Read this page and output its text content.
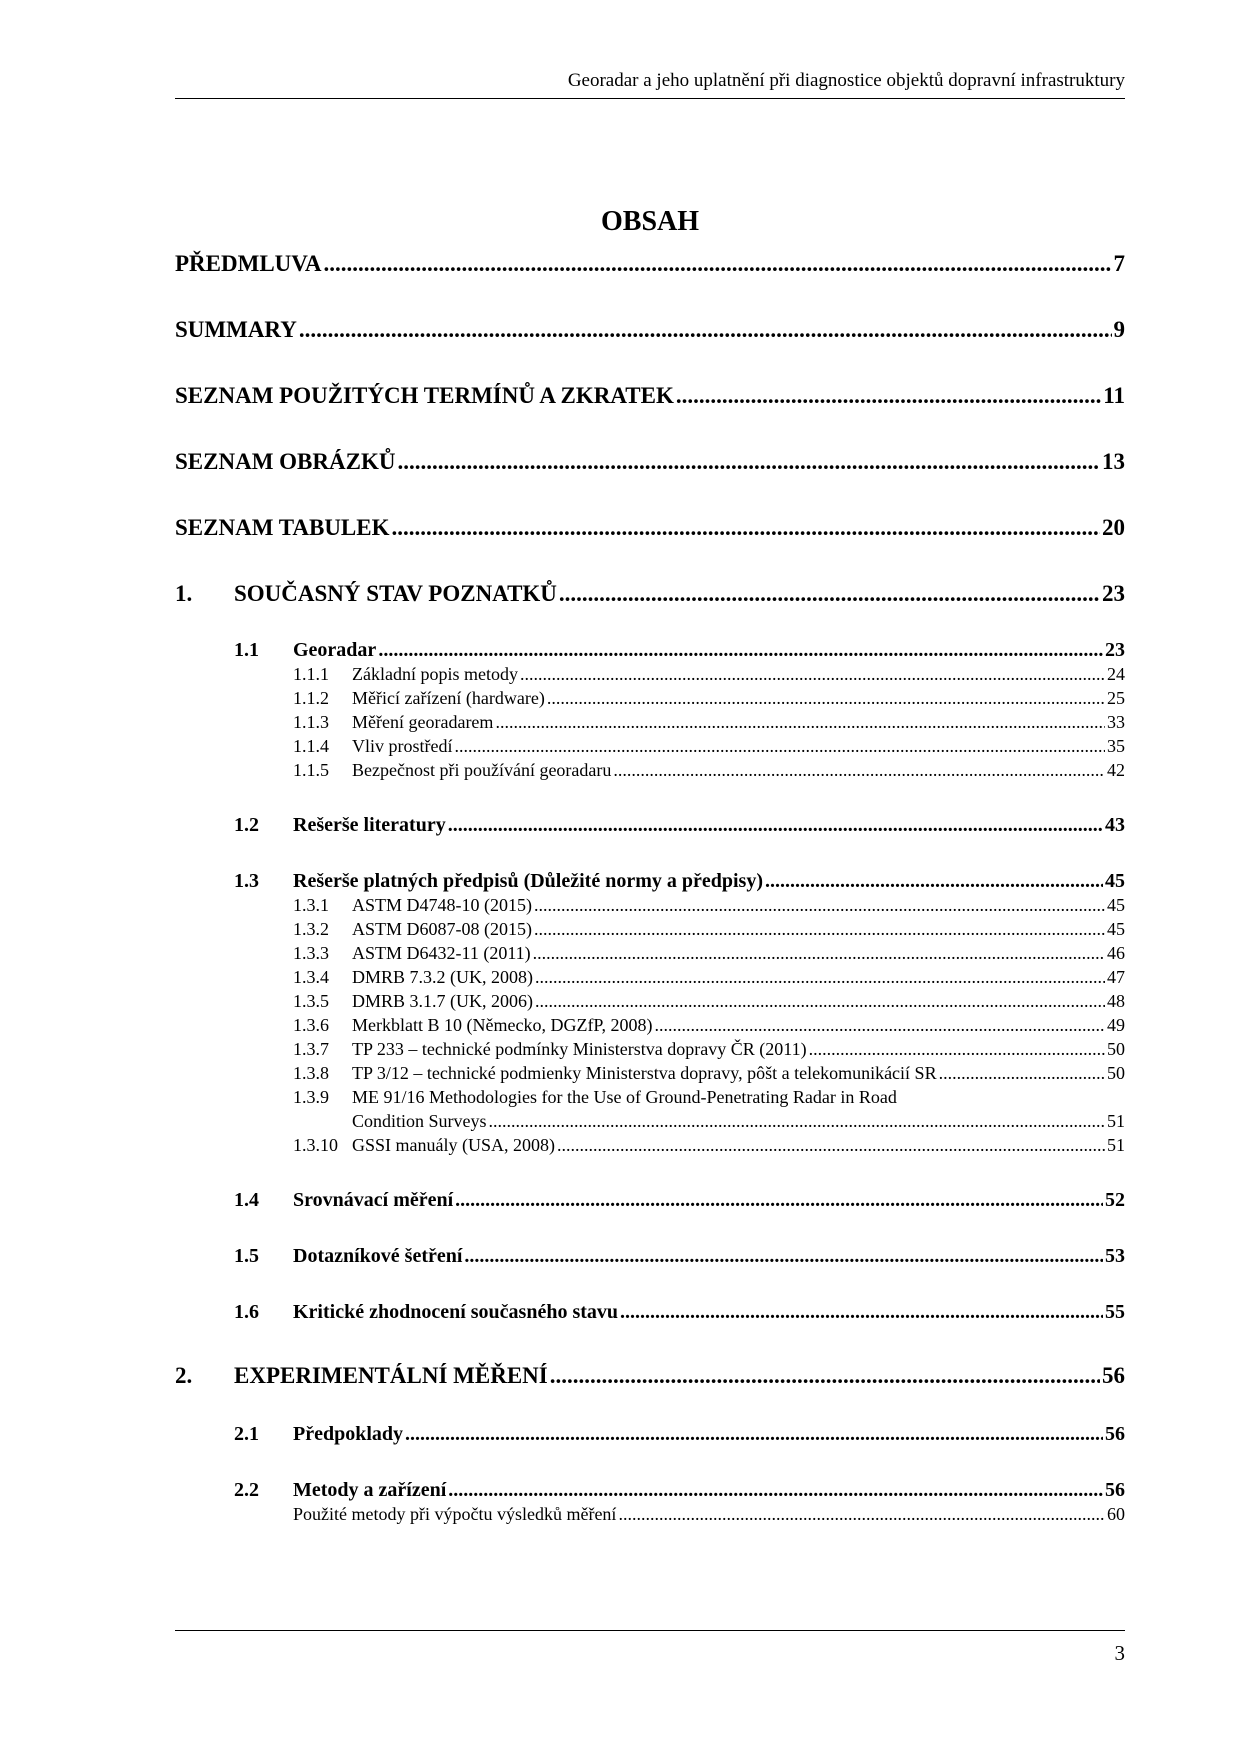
Georadar a jeho uplatnění při diagnostice objektů dopravní infrastruktury
OBSAH
PŘEDMLUVA .....	7
SUMMARY .....	9
SEZNAM POUŽITÝCH TERMÍNŮ A ZKRATEK .....	11
SEZNAM OBRÁZKŮ .....	13
SEZNAM TABULEK .....	20
1.	SOUČASNÝ STAV POZNATKŮ .....	23
1.1	Georadar .....	23
1.1.1	Základní popis metody .....	24
1.1.2	Měřicí zařízení (hardware) .....	25
1.1.3	Měření georadarem .....	33
1.1.4	Vliv prostředí .....	35
1.1.5	Bezpečnost při používání georadaru .....	42
1.2	Rešerše literatury .....	43
1.3	Rešerše platných předpisů (Důležité normy a předpisy) .....	45
1.3.1	ASTM D4748-10 (2015) .....	45
1.3.2	ASTM D6087-08 (2015) .....	45
1.3.3	ASTM D6432-11 (2011) .....	46
1.3.4	DMRB 7.3.2 (UK, 2008) .....	47
1.3.5	DMRB 3.1.7 (UK, 2006) .....	48
1.3.6	Merkblatt B 10 (Německo, DGZfP, 2008) .....	49
1.3.7	TP 233 – technické podmínky Ministerstva dopravy ČR (2011) .....	50
1.3.8	TP 3/12 – technické podmienky Ministerstva dopravy, pôšt a telekomunikácií SR .....	50
1.3.9	ME 91/16 Methodologies for the Use of Ground-Penetrating Radar in Road
Condition Surveys .....	51
1.3.10 GSSI manuály (USA, 2008) .....	51
1.4	Srovnávací měření .....	52
1.5	Dotazníkové šetření .....	53
1.6	Kritické zhodnocení současného stavu .....	55
2.	EXPERIMENTÁLNÍ MĚŘENÍ .....	56
2.1	Předpoklady .....	56
2.2	Metody a zařízení .....	56
Použité metody při výpočtu výsledků měření .....	60
3
